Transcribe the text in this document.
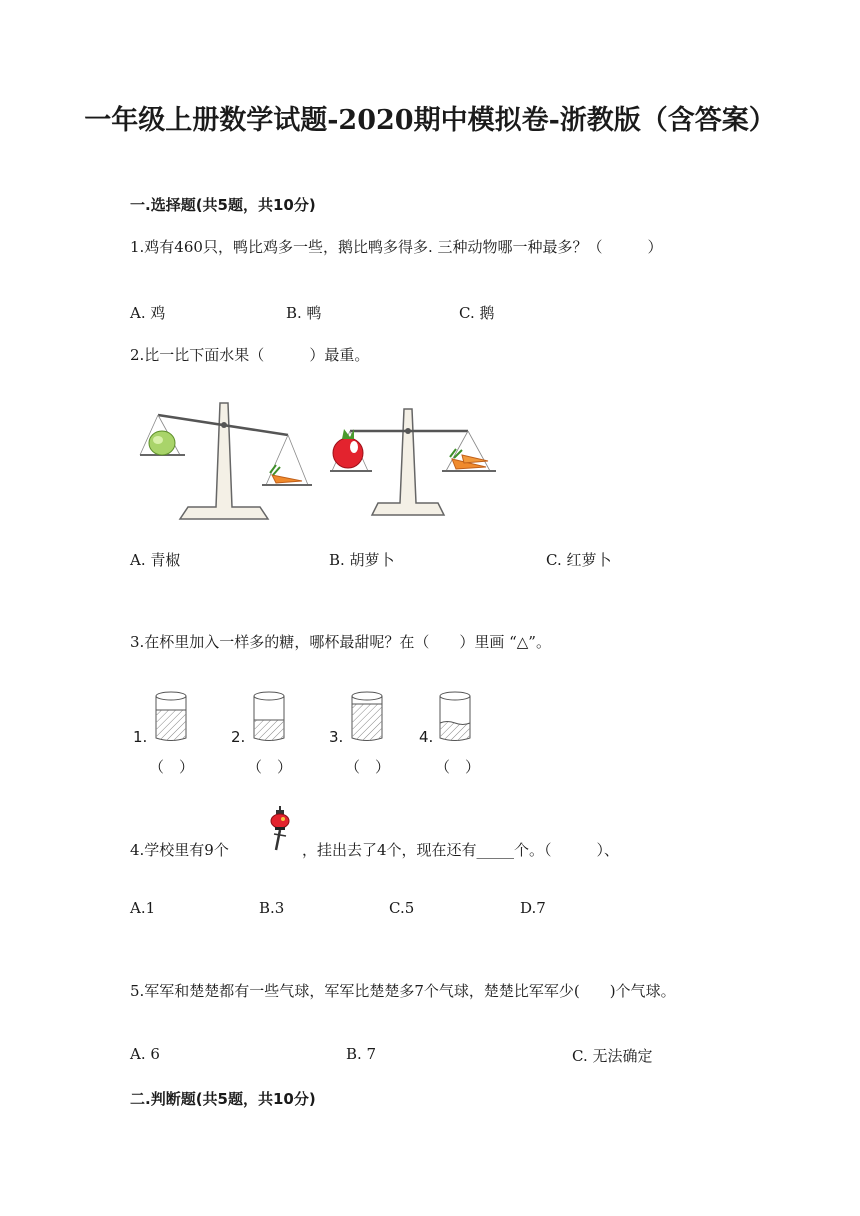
一年级上册数学试题-2020期中模拟卷-浙教版（含答案）
一.选择题(共5题，共10分)
1.鸡有460只，鸭比鸡多一些，鹅比鸭多得多. 三种动物哪一种最多？（　　　）
A. 鸡	B. 鸭	C. 鹅
2.比一比下面水果（　　　）最重。
A. 青椒	B. 胡萝卜	C. 红萝卜
3.在杯里加入一样多的糖，哪杯最甜呢？在（　　）里画 “△”。
1.
（　）
2.
（　）
3.
（　）
4.
（　）
4.学校里有9个	，挂出去了4个，现在还有_____个。（　　　）、
A.1	B.3	C.5	D.7
5.军军和楚楚都有一些气球，军军比楚楚多7个气球，楚楚比军军少(　　)个气球。
A. 6	B. 7	C. 无法确定
二.判断题(共5题，共10分)
